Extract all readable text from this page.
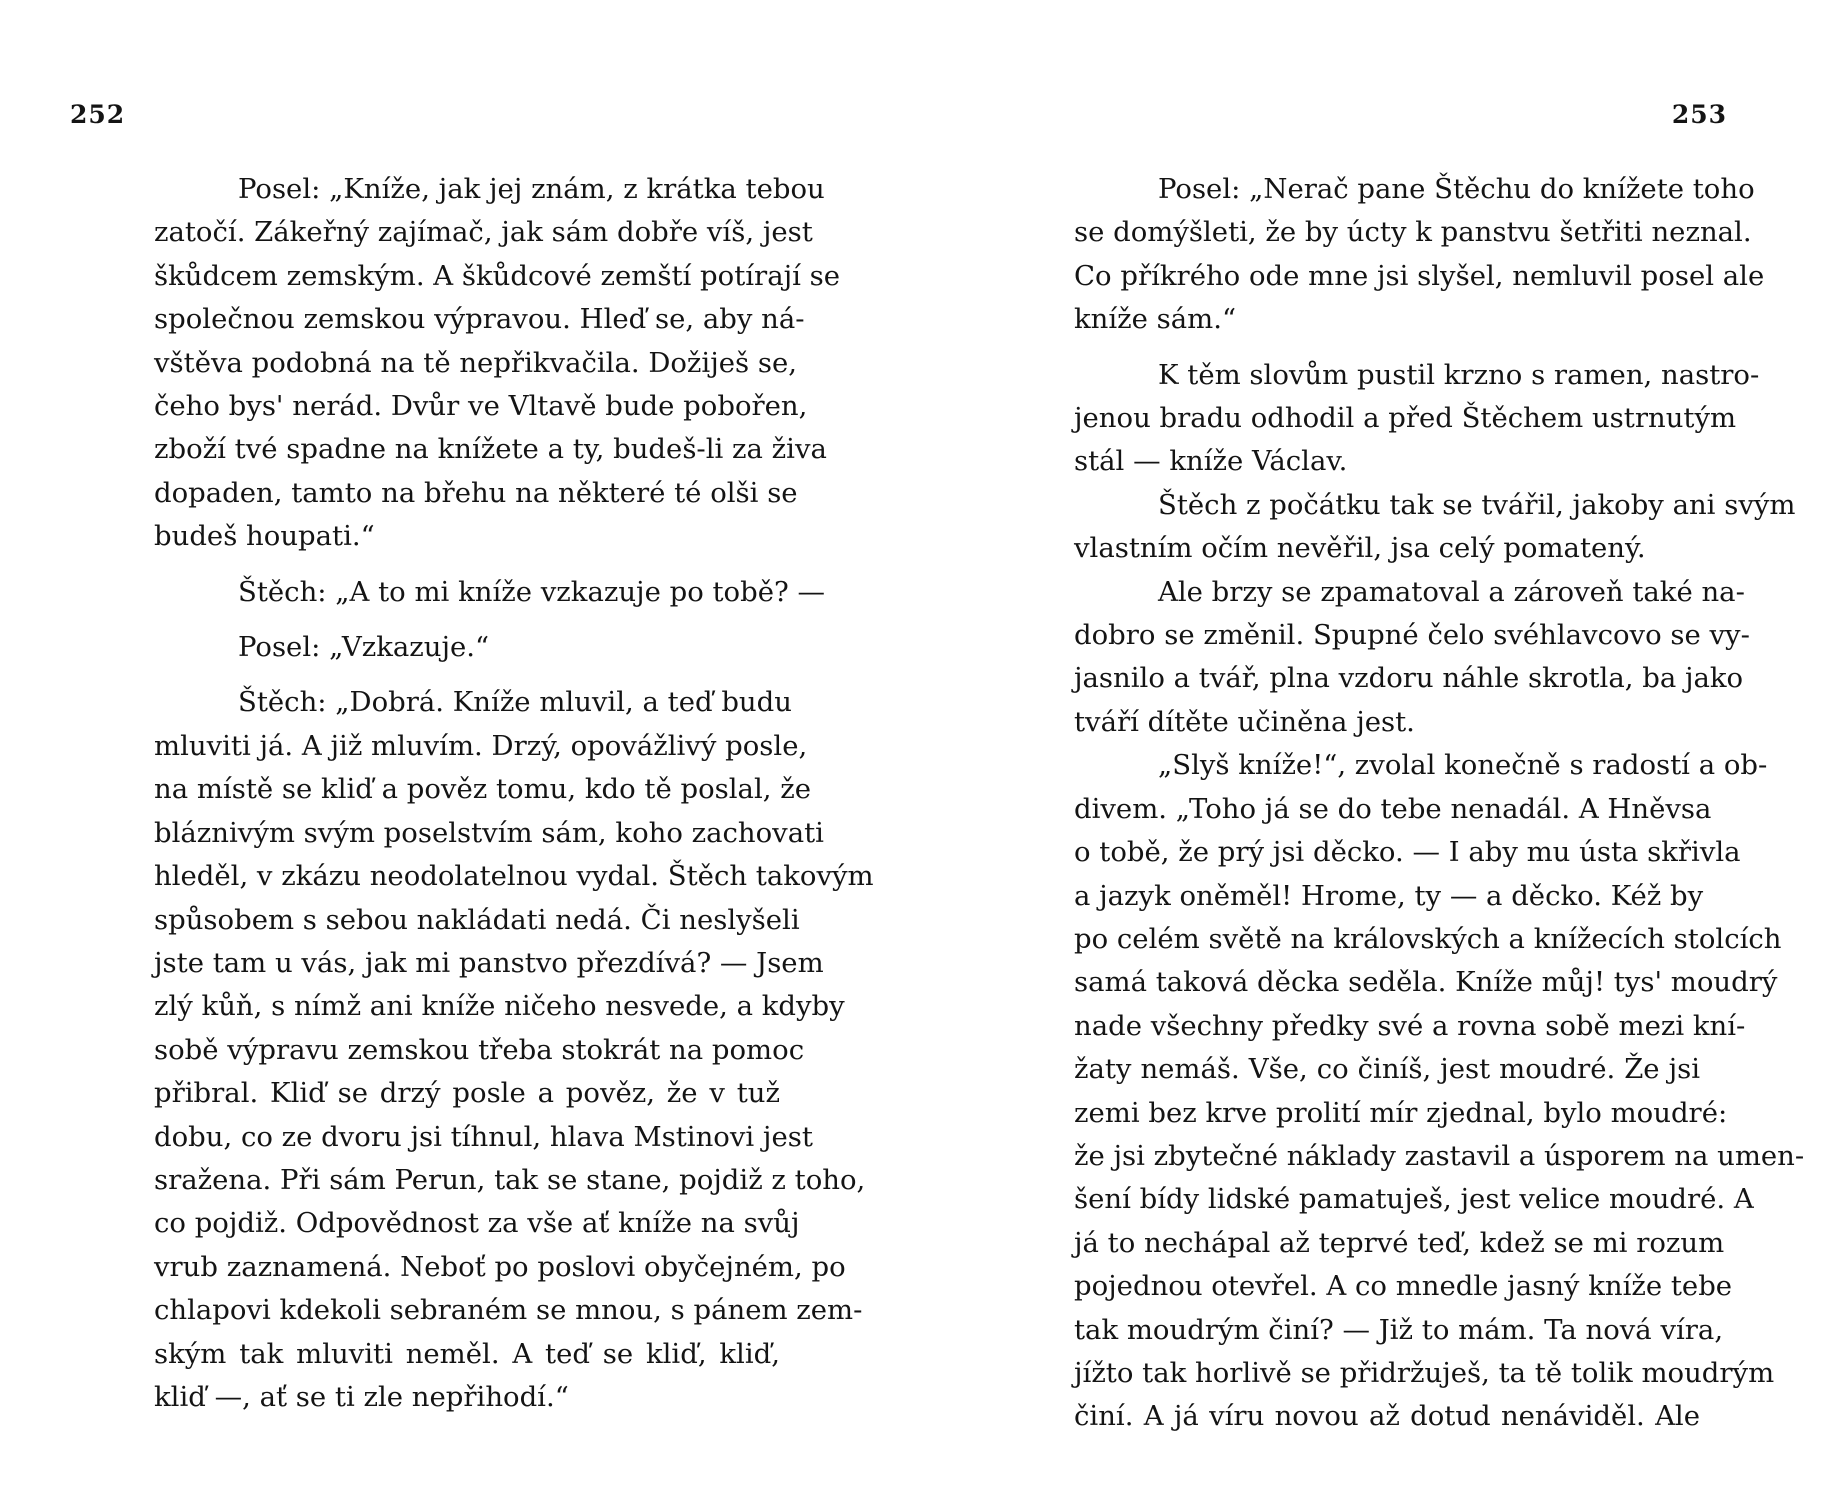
252
Posel: „Kníže, jak jej znám, z krátka tebou
zatočí. Zákeřný zajímač, jak sám dobře víš, jest
škůdcem zemským. A škůdcové zemští potírají se
společnou zemskou výpravou. Hleď se, aby ná-
vštěva podobná na tě nepřikvačila. Dožiješ se,
čeho bys' nerád. Dvůr ve Vltavě bude pobořen,
zboží tvé spadne na knížete a ty, budeš-li za živa
dopaden, tamto na břehu na některé té olši se
budeš houpati.“
Štěch: „A to mi kníže vzkazuje po tobě? —
Posel: „Vzkazuje.“
Štěch: „Dobrá. Kníže mluvil, a teď budu
mluviti já. A již mluvím. Drzý, opovážlivý posle,
na místě se kliď a pověz tomu, kdo tě poslal, že
bláznivým svým poselstvím sám, koho zachovati
hleděl, v zkázu neodolatelnou vydal. Štěch takovým
spůsobem s sebou nakládati nedá. Či neslyšeli
jste tam u vás, jak mi panstvo přezdívá? — Jsem
zlý kůň, s nímž ani kníže ničeho nesvede, a kdyby
sobě výpravu zemskou třeba stokrát na pomoc
přibral. Kliď se drzý posle a pověz, že v tuž
dobu, co ze dvoru jsi tíhnul, hlava Mstinovi jest
sražena. Při sám Perun, tak se stane, pojdiž z toho,
co pojdiž. Odpovědnost za vše ať kníže na svůj
vrub zaznamená. Neboť po poslovi obyčejném, po
chlapovi kdekoli sebraném se mnou, s pánem zem-
ským tak mluviti neměl. A teď se kliď, kliď,
kliď —, ať se ti zle nepřihodí.“
253
Posel: „Nerač pane Štěchu do knížete toho
se domýšleti, že by úcty k panstvu šetřiti neznal.
Co příkrého ode mne jsi slyšel, nemluvil posel ale
kníže sám.“
K těm slovům pustil krzno s ramen, nastro-
jenou bradu odhodil a před Štěchem ustrnutým
stál — kníže Václav.
Štěch z počátku tak se tvářil, jakoby ani svým
vlastním očím nevěřil, jsa celý pomatený.
Ale brzy se zpamatoval a zároveň také na-
dobro se změnil. Spupné čelo svéhlavcovo se vy-
jasnilo a tvář, plna vzdoru náhle skrotla, ba jako
tváří dítěte učiněna jest.
„Slyš kníže!“, zvolal konečně s radostí a ob-
divem. „Toho já se do tebe nenadál. A Hněvsa
o tobě, že prý jsi děcko. — I aby mu ústa skřivla
a jazyk oněměl! Hrome, ty — a děcko. Kéž by
po celém světě na královských a knížecích stolcích
samá taková děcka seděla. Kníže můj! tys' moudrý
nade všechny předky své a rovna sobě mezi kní-
žaty nemáš. Vše, co činíš, jest moudré. Že jsi
zemi bez krve prolití mír zjednal, bylo moudré:
že jsi zbytečné náklady zastavil a úsporem na umen-
šení bídy lidské pamatuješ, jest velice moudré. A
já to nechápal až teprvé teď, kdež se mi rozum
pojednou otevřel. A co mnedle jasný kníže tebe
tak moudrým činí? — Již to mám. Ta nová víra,
jížto tak horlivě se přidržuješ, ta tě tolik moudrým
činí. A já víru novou až dotud nenáviděl. Ale
